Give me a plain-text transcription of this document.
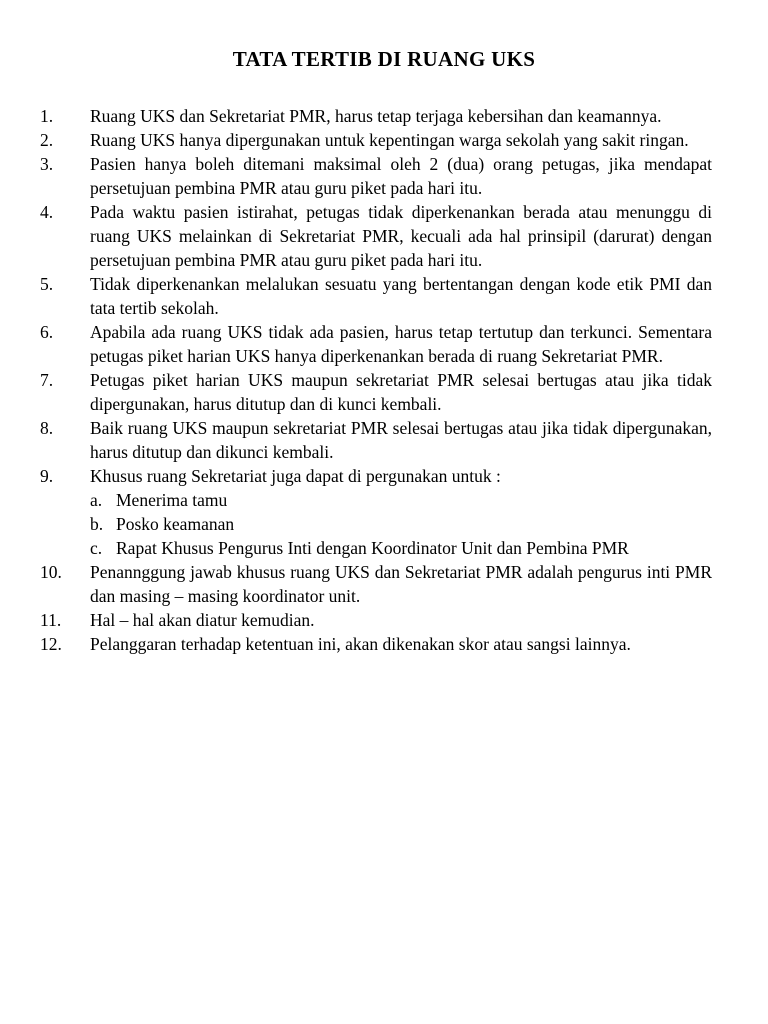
TATA TERTIB DI RUANG UKS
1.	Ruang UKS dan Sekretariat PMR, harus tetap terjaga kebersihan dan keamannya.
2.	Ruang UKS hanya dipergunakan untuk kepentingan warga sekolah yang sakit ringan.
3.	Pasien hanya boleh ditemani maksimal oleh 2 (dua) orang petugas, jika mendapat persetujuan pembina PMR atau guru piket pada hari itu.
4.	Pada waktu pasien istirahat, petugas tidak diperkenankan berada atau menunggu di ruang UKS melainkan di Sekretariat PMR, kecuali ada hal prinsipil (darurat) dengan persetujuan pembina PMR atau guru piket pada hari itu.
5.	Tidak diperkenankan melalukan sesuatu yang bertentangan dengan kode etik PMI dan tata tertib sekolah.
6.	Apabila ada ruang UKS tidak ada pasien, harus tetap tertutup dan terkunci. Sementara petugas piket harian UKS hanya diperkenankan berada di ruang Sekretariat PMR.
7.	Petugas piket harian UKS maupun sekretariat PMR selesai bertugas atau jika tidak dipergunakan, harus ditutup dan di kunci kembali.
8.	Baik ruang UKS maupun sekretariat PMR selesai bertugas atau jika tidak dipergunakan, harus ditutup dan dikunci kembali.
9.	Khusus ruang Sekretariat juga dapat di pergunakan untuk :
a. Menerima tamu
b. Posko keamanan
c. Rapat Khusus Pengurus Inti dengan Koordinator Unit dan Pembina PMR
10.	Penannggung jawab khusus ruang UKS dan Sekretariat PMR adalah pengurus inti PMR dan masing – masing koordinator unit.
11.	Hal – hal akan diatur kemudian.
12.	Pelanggaran terhadap ketentuan ini, akan dikenakan skor atau sangsi lainnya.
